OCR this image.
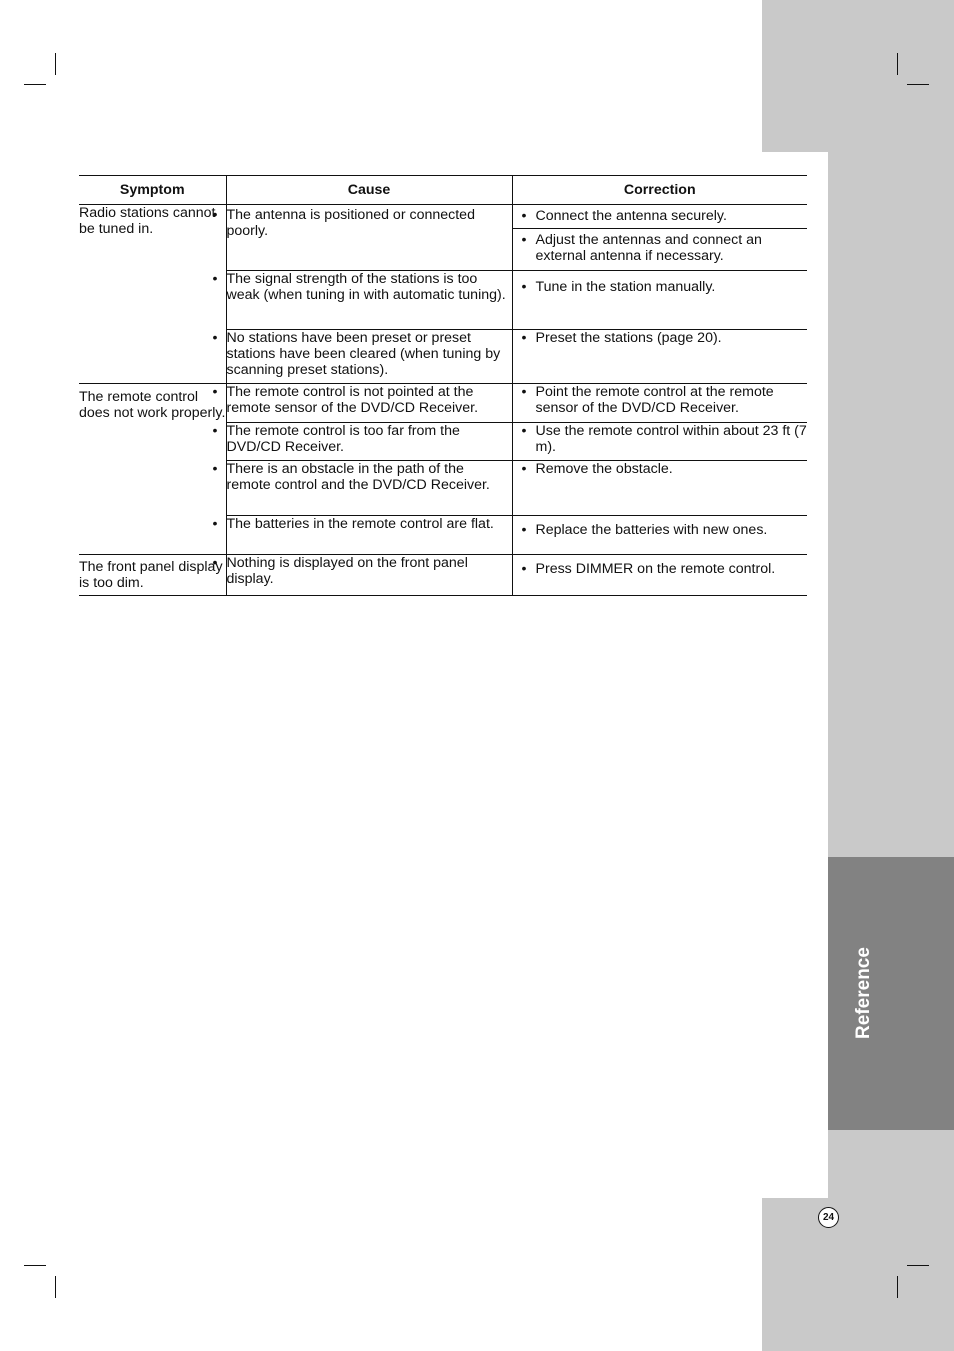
Reference
24
Symptom	Cause	Correction
Radio stations cannot be tuned in.	• The antenna is positioned or connected poorly.	• Connect the antenna securely.
• Adjust the antennas and connect an external antenna if necessary.

	• The signal strength of the stations is too weak (when tuning in with automatic tuning).	• Tune in the station manually.

	• No stations have been preset or preset stations have been cleared (when tuning by scanning preset stations).	• Preset the stations (page 20).

The remote control does not work properly.	• The remote control is not pointed at the remote sensor of the DVD/CD Receiver.	• Point the remote control at the remote sensor of the DVD/CD Receiver.

	• The remote control is too far from the DVD/CD Receiver.	• Use the remote control within about 23 ft (7 m).

	• There is an obstacle in the path of the remote control and the DVD/CD Receiver.	• Remove the obstacle.

	• The batteries in the remote control are flat.	• Replace the batteries with new ones.

The front panel display is too dim.	• Nothing is displayed on the front panel display.	• Press DIMMER on the remote control.
